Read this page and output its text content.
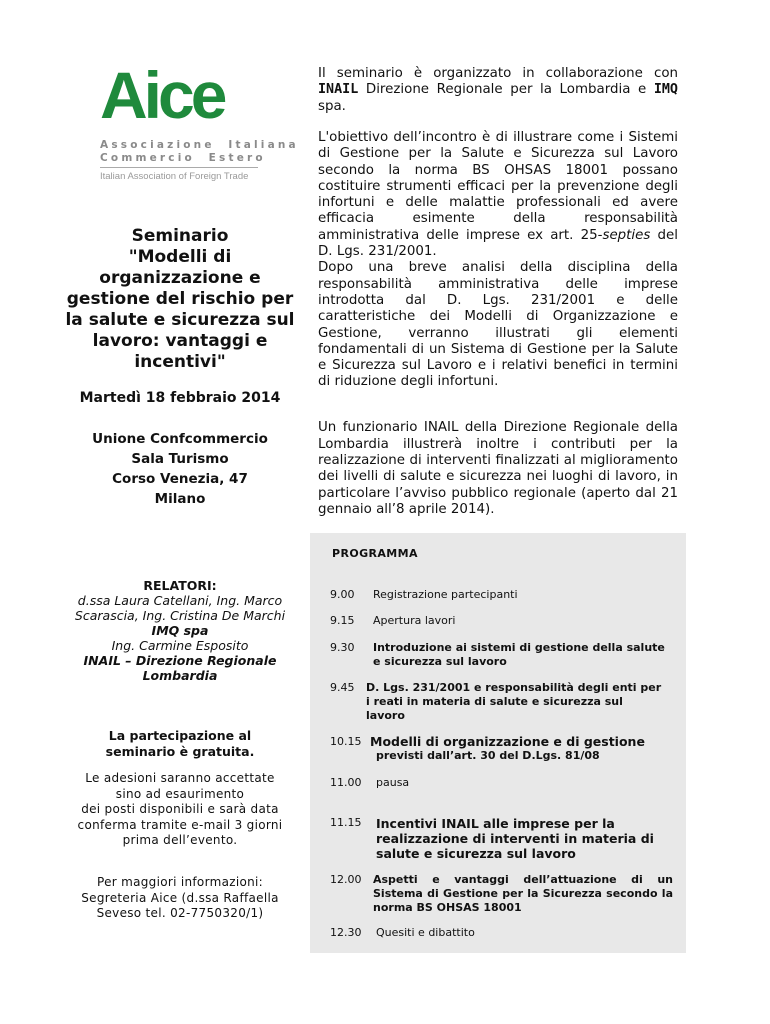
Aice
Associazione  Italiana
Commercio  Estero
Italian Association of Foreign Trade
Seminario
"Modelli di
organizzazione e
gestione del rischio per
la salute e sicurezza sul
lavoro: vantaggi e
incentivi"
Martedì 18 febbraio 2014
Unione Confcommercio
Sala Turismo
Corso Venezia, 47
Milano
RELATORI:
d.ssa Laura Catellani, Ing. Marco
Scarascia, Ing. Cristina De Marchi
IMQ spa
Ing. Carmine Esposito
INAIL – Direzione Regionale
Lombardia
La partecipazione al
seminario è gratuita.
Le adesioni saranno accettate
sino ad esaurimento
dei posti disponibili e sarà data
conferma tramite e-mail 3 giorni
prima dell’evento.
Per maggiori informazioni:
Segreteria Aice (d.ssa Raffaella
Seveso tel. 02-7750320/1)

Il seminario è organizzato in collaborazione con INAIL Direzione Regionale per la Lombardia e IMQ spa.

L'obiettivo dell’incontro è di illustrare come i Sistemi di Gestione per la Salute e Sicurezza sul Lavoro secondo la norma BS OHSAS 18001 possano costituire strumenti efficaci per la prevenzione degli infortuni e delle malattie professionali ed avere efficacia esimente della responsabilità amministrativa delle imprese ex art. 25-septies del D. Lgs. 231/2001.

Dopo una breve analisi della disciplina della responsabilità amministrativa delle imprese introdotta dal D. Lgs. 231/2001 e delle caratteristiche dei Modelli di Organizzazione e Gestione, verranno illustrati gli elementi fondamentali di un Sistema di Gestione per la Salute e Sicurezza sul Lavoro e i relativi benefici in termini di riduzione degli infortuni.

Un funzionario INAIL della Direzione Regionale della Lombardia illustrerà inoltre i contributi per la realizzazione di interventi finalizzati al miglioramento dei livelli di salute e sicurezza nei luoghi di lavoro, in particolare l’avviso pubblico regionale (aperto dal 21 gennaio all’8 aprile 2014).

PROGRAMMA
9.00 Registrazione partecipanti
9.15 Apertura lavori
9.30 Introduzione ai sistemi di gestione della salute e sicurezza sul lavoro
9.45 D. Lgs. 231/2001 e responsabilità degli enti per i reati in materia di salute e sicurezza sul lavoro
10.15 Modelli di organizzazione e di gestione
previsti dall’art. 30 del D.Lgs. 81/08
11.00 pausa
11.15 Incentivi INAIL alle imprese per la realizzazione di interventi in materia di salute e sicurezza sul lavoro
12.00 Aspetti e vantaggi dell’attuazione di un Sistema di Gestione per la Sicurezza secondo la norma BS OHSAS 18001
12.30 Quesiti e dibattito
